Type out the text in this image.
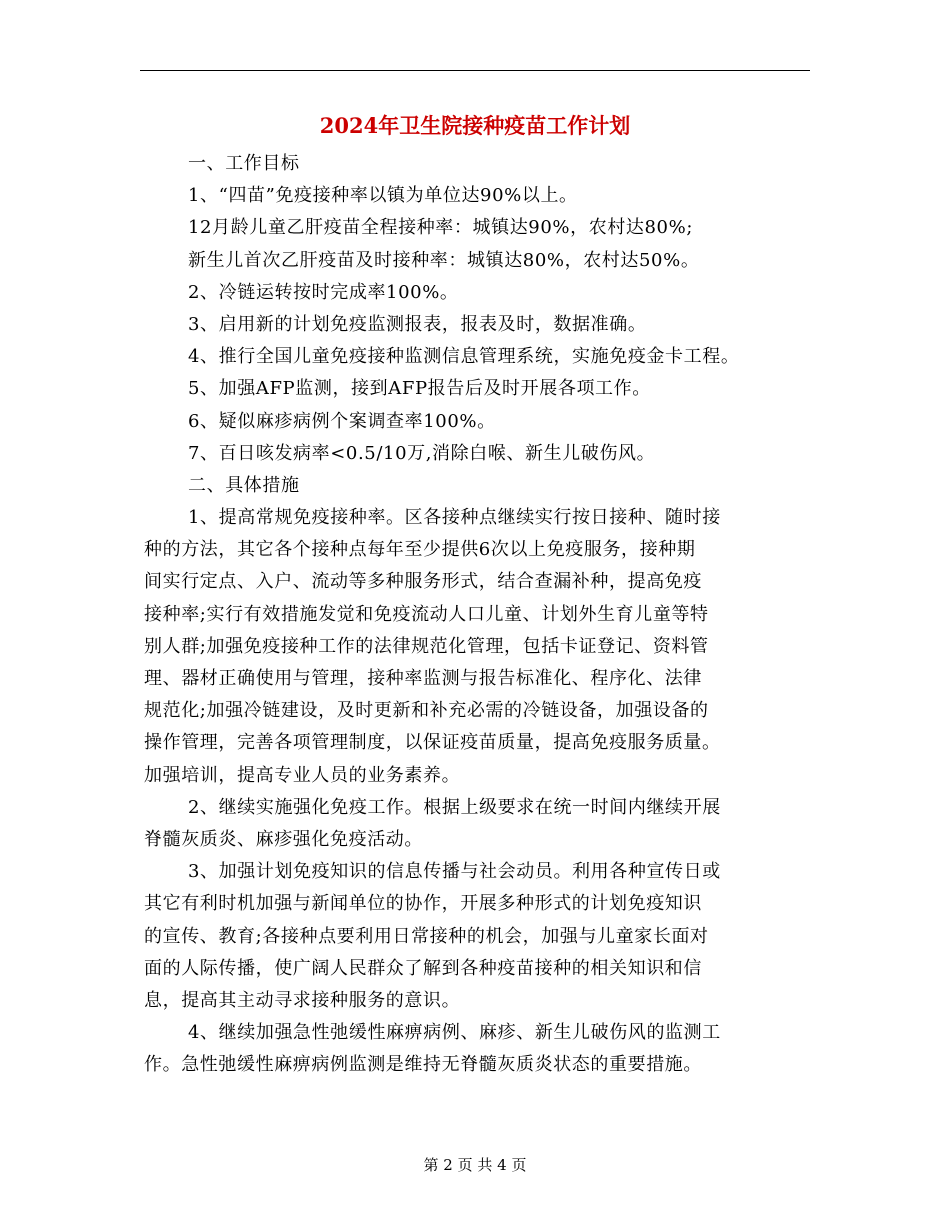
2024年卫生院接种疫苗工作计划
一、工作目标
1、“四苗”免疫接种率以镇为单位达90%以上。
12月龄儿童乙肝疫苗全程接种率：城镇达90%，农村达80%;
新生儿首次乙肝疫苗及时接种率：城镇达80%，农村达50%。
2、冷链运转按时完成率100%。
3、启用新的计划免疫监测报表，报表及时，数据准确。
4、推行全国儿童免疫接种监测信息管理系统，实施免疫金卡工程。
5、加强AFP监测，接到AFP报告后及时开展各项工作。
6、疑似麻疹病例个案调查率100%。
7、百日咳发病率<0.5/10万,消除白喉、新生儿破伤风。
二、具体措施
1、提高常规免疫接种率。区各接种点继续实行按日接种、随时接
种的方法，其它各个接种点每年至少提供6次以上免疫服务，接种期
间实行定点、入户、流动等多种服务形式，结合查漏补种，提高免疫
接种率;实行有效措施发觉和免疫流动人口儿童、计划外生育儿童等特
别人群;加强免疫接种工作的法律规范化管理，包括卡证登记、资料管
理、器材正确使用与管理，接种率监测与报告标准化、程序化、法律
规范化;加强冷链建设，及时更新和补充必需的冷链设备，加强设备的
操作管理，完善各项管理制度，以保证疫苗质量，提高免疫服务质量。
加强培训，提高专业人员的业务素养。
2、继续实施强化免疫工作。根据上级要求在统一时间内继续开展
脊髓灰质炎、麻疹强化免疫活动。
3、加强计划免疫知识的信息传播与社会动员。利用各种宣传日或
其它有利时机加强与新闻单位的协作，开展多种形式的计划免疫知识
的宣传、教育;各接种点要利用日常接种的机会，加强与儿童家长面对
面的人际传播，使广阔人民群众了解到各种疫苗接种的相关知识和信
息，提高其主动寻求接种服务的意识。
4、继续加强急性弛缓性麻痹病例、麻疹、新生儿破伤风的监测工
作。急性弛缓性麻痹病例监测是维持无脊髓灰质炎状态的重要措施。
第 2 页 共 4 页
